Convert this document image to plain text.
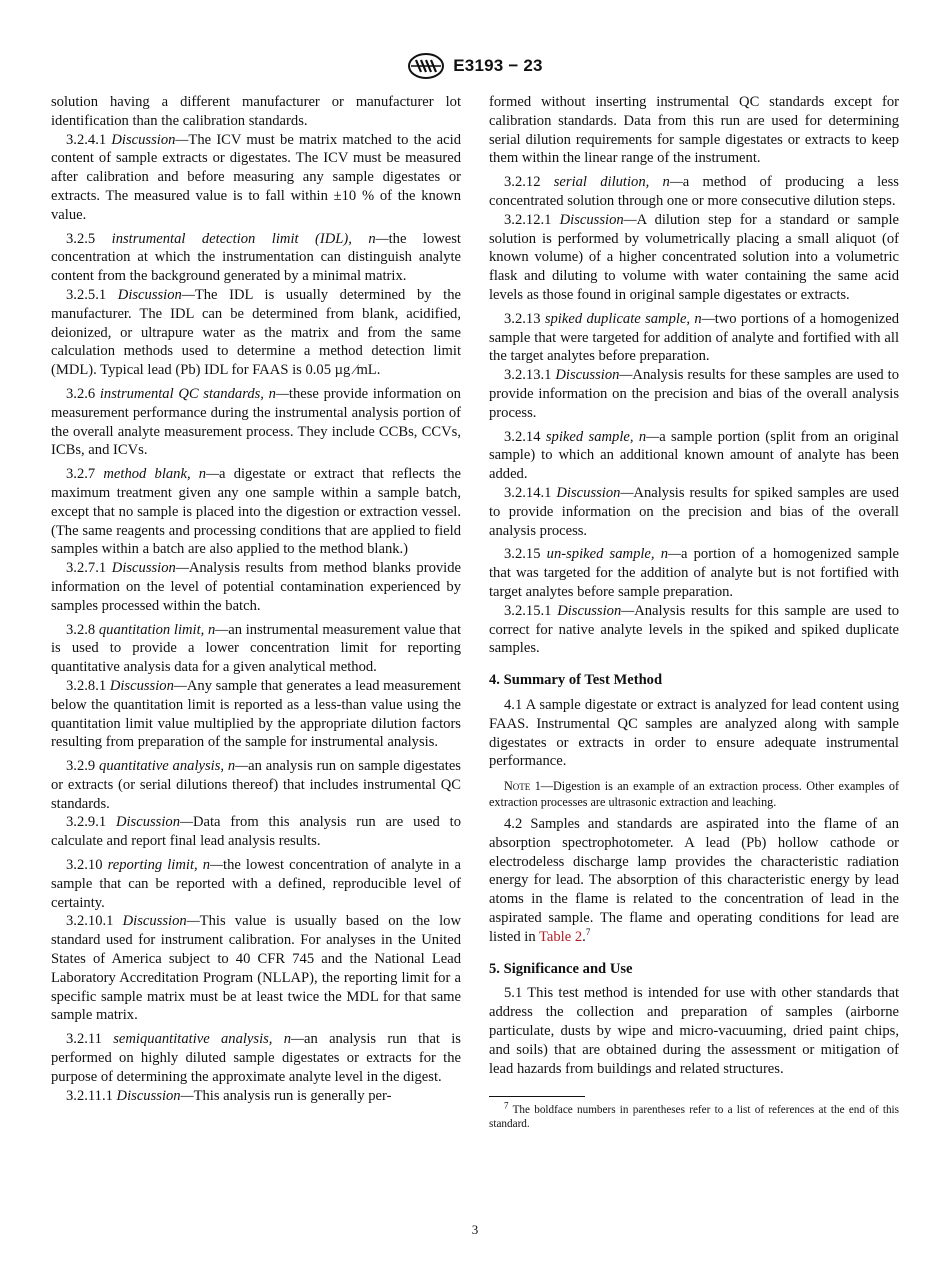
E3193 − 23

solution having a different manufacturer or manufacturer lot identification than the calibration standards.

3.2.4.1 Discussion—The ICV must be matrix matched to the acid content of sample extracts or digestates. The ICV must be measured after calibration and before measuring any sample digestates or extracts. The measured value is to fall within ±10 % of the known value.

3.2.5 instrumental detection limit (IDL), n—the lowest concentration at which the instrumentation can distinguish analyte content from the background generated by a minimal matrix.

3.2.5.1 Discussion—The IDL is usually determined by the manufacturer. The IDL can be determined from blank, acidified, deionized, or ultrapure water as the matrix and from the same calculation methods used to determine a method detection limit (MDL). Typical lead (Pb) IDL for FAAS is 0.05 µg ⁄mL.

3.2.6 instrumental QC standards, n—these provide information on measurement performance during the instrumental analysis portion of the overall analyte measurement process. They include CCBs, CCVs, ICBs, and ICVs.

3.2.7 method blank, n—a digestate or extract that reflects the maximum treatment given any one sample within a sample batch, except that no sample is placed into the digestion or extraction vessel. (The same reagents and processing conditions that are applied to field samples within a batch are also applied to the method blank.)

3.2.7.1 Discussion—Analysis results from method blanks provide information on the level of potential contamination experienced by samples processed within the batch.

3.2.8 quantitation limit, n—an instrumental measurement value that is used to provide a lower concentration limit for reporting quantitative analysis data for a given analytical method.

3.2.8.1 Discussion—Any sample that generates a lead measurement below the quantitation limit is reported as a less-than value using the quantitation limit value multiplied by the appropriate dilution factors resulting from preparation of the sample for instrumental analysis.

3.2.9 quantitative analysis, n—an analysis run on sample digestates or extracts (or serial dilutions thereof) that includes instrumental QC standards.

3.2.9.1 Discussion—Data from this analysis run are used to calculate and report final lead analysis results.

3.2.10 reporting limit, n—the lowest concentration of analyte in a sample that can be reported with a defined, reproducible level of certainty.

3.2.10.1 Discussion—This value is usually based on the low standard used for instrument calibration. For analyses in the United States of America subject to 40 CFR 745 and the National Lead Laboratory Accreditation Program (NLLAP), the reporting limit for a specific sample matrix must be at least twice the MDL for that same sample matrix.

3.2.11 semiquantitative analysis, n—an analysis run that is performed on highly diluted sample digestates or extracts for the purpose of determining the approximate analyte level in the digest.

3.2.11.1 Discussion—This analysis run is generally per-

formed without inserting instrumental QC standards except for calibration standards. Data from this run are used for determining serial dilution requirements for sample digestates or extracts to keep them within the linear range of the instrument.

3.2.12 serial dilution, n—a method of producing a less concentrated solution through one or more consecutive dilution steps.

3.2.12.1 Discussion—A dilution step for a standard or sample solution is performed by volumetrically placing a small aliquot (of known volume) of a higher concentrated solution into a volumetric flask and diluting to volume with water containing the same acid levels as those found in original sample digestates or extracts.

3.2.13 spiked duplicate sample, n—two portions of a homogenized sample that were targeted for addition of analyte and fortified with all the target analytes before preparation.

3.2.13.1 Discussion—Analysis results for these samples are used to provide information on the precision and bias of the overall analysis process.

3.2.14 spiked sample, n—a sample portion (split from an original sample) to which an additional known amount of analyte has been added.

3.2.14.1 Discussion—Analysis results for spiked samples are used to provide information on the precision and bias of the overall analysis process.

3.2.15 un-spiked sample, n—a portion of a homogenized sample that was targeted for the addition of analyte but is not fortified with target analytes before sample preparation.

3.2.15.1 Discussion—Analysis results for this sample are used to correct for native analyte levels in the spiked and spiked duplicate samples.

4. Summary of Test Method

4.1 A sample digestate or extract is analyzed for lead content using FAAS. Instrumental QC samples are analyzed along with sample digestates or extracts in order to ensure adequate instrumental performance.

Note 1—Digestion is an example of an extraction process. Other examples of extraction processes are ultrasonic extraction and leaching.

4.2 Samples and standards are aspirated into the flame of an absorption spectrophotometer. A lead (Pb) hollow cathode or electrodeless discharge lamp provides the characteristic radiation energy for lead. The absorption of this characteristic energy by lead atoms in the flame is related to the concentration of lead in the aspirated sample. The flame and operating conditions for lead are listed in Table 2.$^7$

5. Significance and Use

5.1 This test method is intended for use with other standards that address the collection and preparation of samples (airborne particulate, dusts by wipe and micro-vacuuming, dried paint chips, and soils) that are obtained during the assessment or mitigation of lead hazards from buildings and related structures.

$^7$ The boldface numbers in parentheses refer to a list of references at the end of this standard.

3
